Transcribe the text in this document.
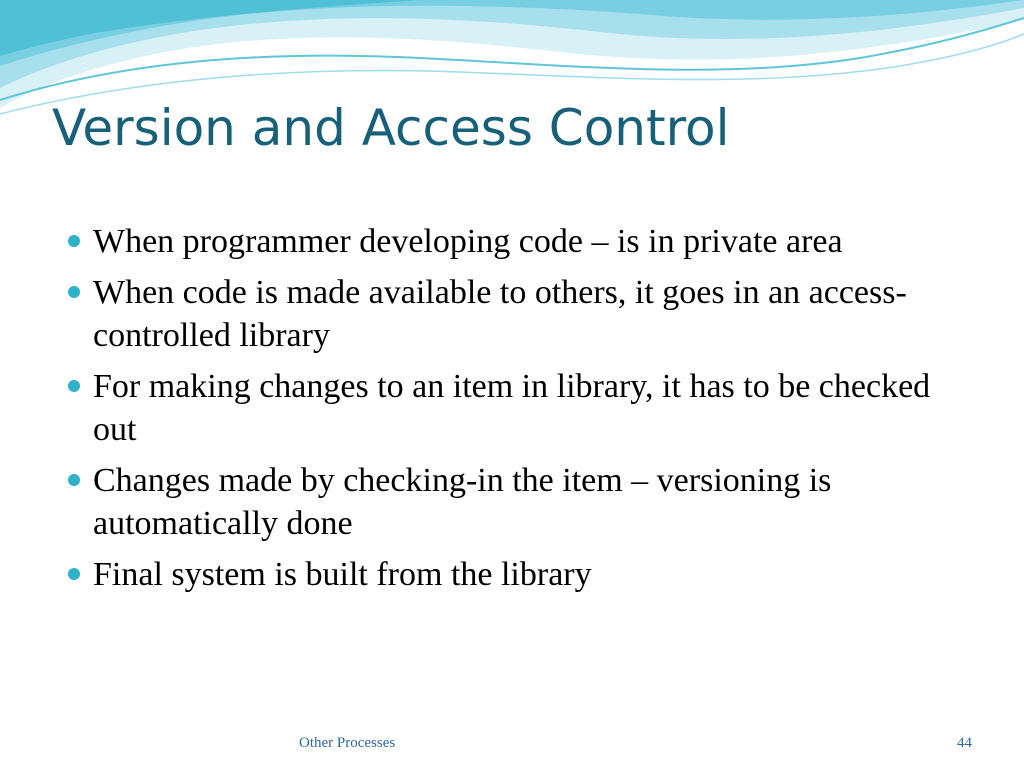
Version and Access Control
When programmer developing code – is in private area
When code is made available to others, it goes in an access-controlled library
For making changes to an item in library, it has to be checked out
Changes made by checking-in the item – versioning is automatically done
Final system is built from the library

Other Processes	44
